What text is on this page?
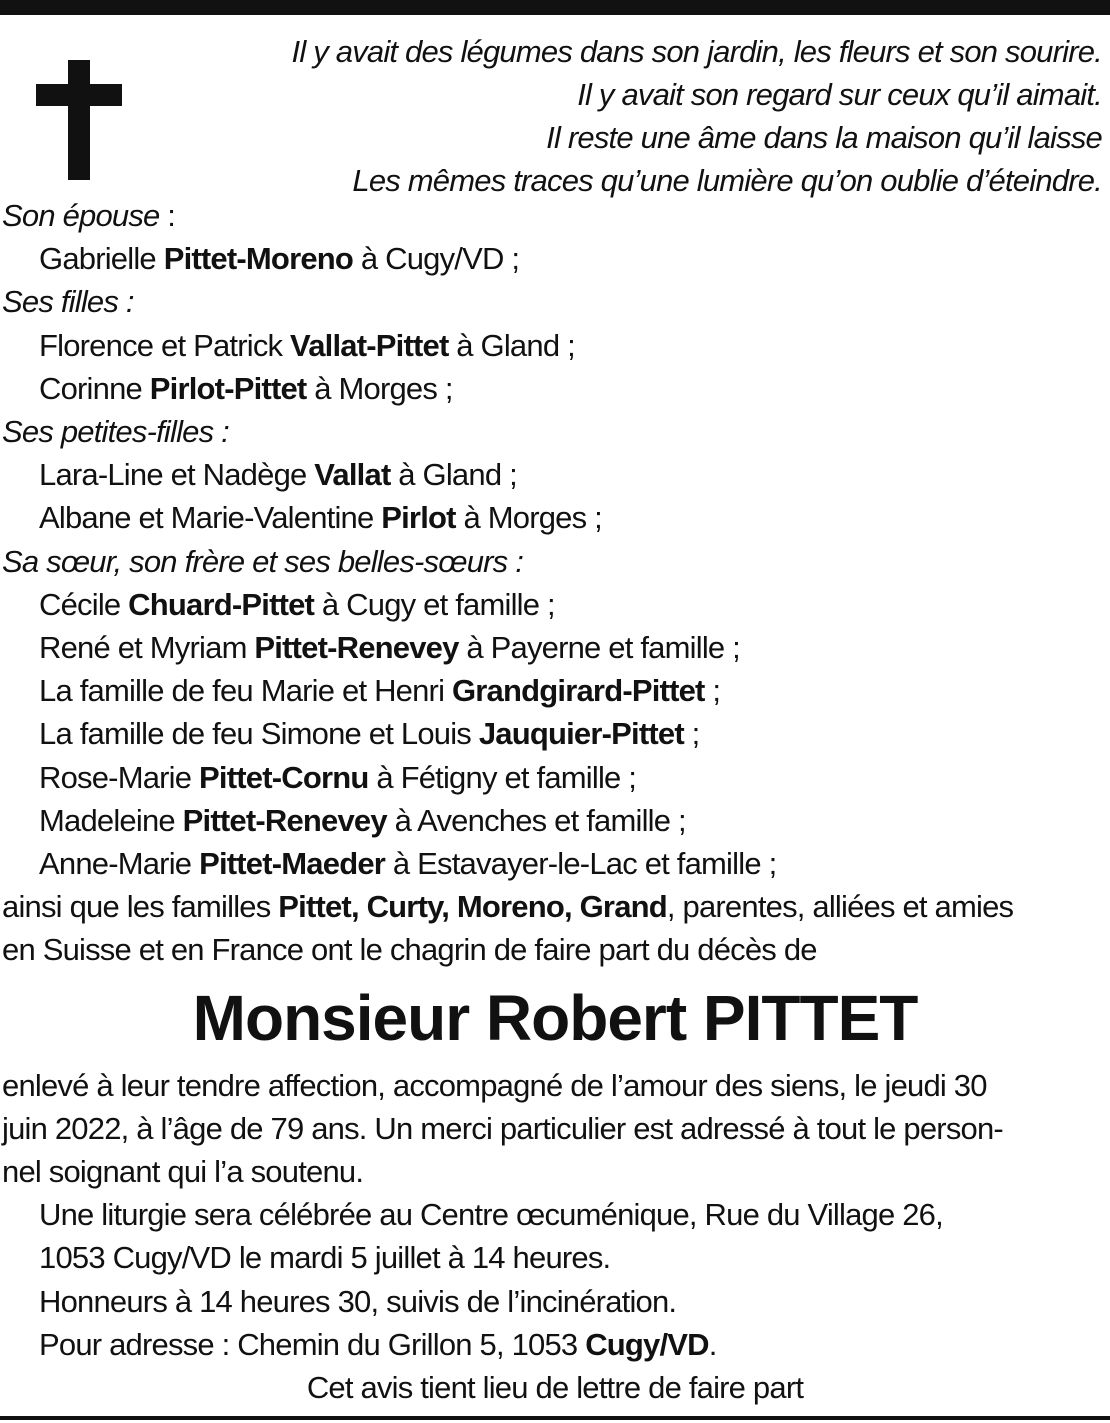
Il y avait des légumes dans son jardin, les fleurs et son sourire.
Il y avait son regard sur ceux qu’il aimait.
Il reste une âme dans la maison qu’il laisse
Les mêmes traces qu’une lumière qu’on oublie d’éteindre.
Son épouse :
Gabrielle Pittet-Moreno à Cugy/VD ;
Ses filles :
Florence et Patrick Vallat-Pittet à Gland ;
Corinne Pirlot-Pittet à Morges ;
Ses petites-filles :
Lara-Line et Nadège Vallat à Gland ;
Albane et Marie-Valentine Pirlot à Morges ;
Sa sœur, son frère et ses belles-sœurs :
Cécile Chuard-Pittet à Cugy et famille ;
René et Myriam Pittet-Renevey à Payerne et famille ;
La famille de feu Marie et Henri Grandgirard-Pittet ;
La famille de feu Simone et Louis Jauquier-Pittet ;
Rose-Marie Pittet-Cornu à Fétigny et famille ;
Madeleine Pittet-Renevey à Avenches et famille ;
Anne-Marie Pittet-Maeder à Estavayer-le-Lac et famille ;
ainsi que les familles Pittet, Curty, Moreno, Grand, parentes, alliées et amies
en Suisse et en France ont le chagrin de faire part du décès de
Monsieur Robert PITTET
enlevé à leur tendre affection, accompagné de l’amour des siens, le jeudi 30
juin 2022, à l’âge de 79 ans. Un merci particulier est adressé à tout le person-
nel soignant qui l’a soutenu.
Une liturgie sera célébrée au Centre œcuménique, Rue du Village 26,
1053 Cugy/VD le mardi 5 juillet à 14 heures.
Honneurs à 14 heures 30, suivis de l’incinération.
Pour adresse : Chemin du Grillon 5, 1053 Cugy/VD.
Cet avis tient lieu de lettre de faire part
